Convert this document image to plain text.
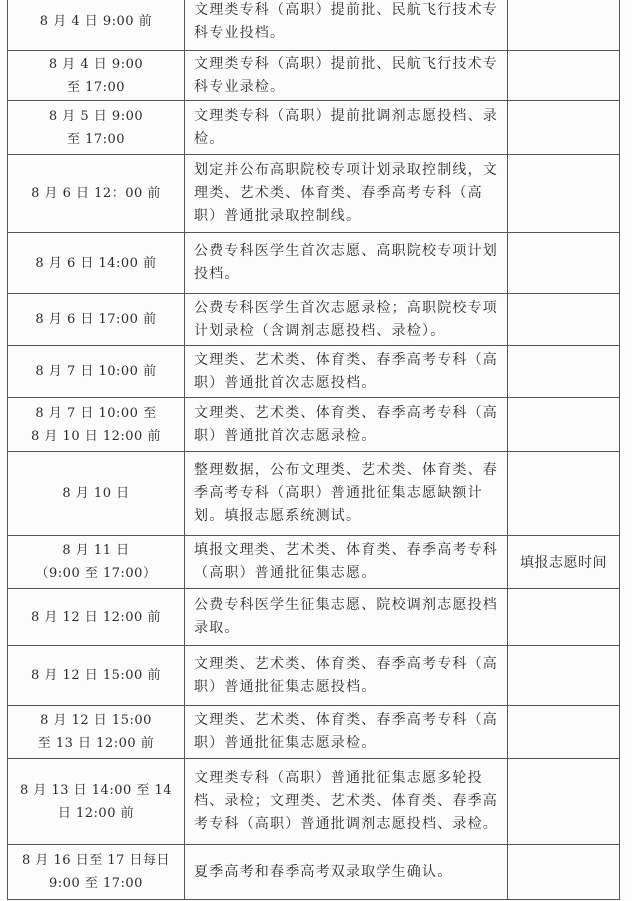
8 月 4 日 9:00 前	文理类专科（高职）提前批、民航飞行技术专科专业投档。	

8 月 4 日 9:00
至 17:00	文理类专科（高职）提前批、民航飞行技术专科专业录检。	

8 月 5 日 9:00
至 17:00	文理类专科（高职）提前批调剂志愿投档、录检。	

8 月 6 日 12：00 前	划定并公布高职院校专项计划录取控制线，文理类、艺术类、体育类、春季高考专科（高职）普通批录取控制线。	

8 月 6 日 14:00 前	公费专科医学生首次志愿、高职院校专项计划投档。	

8 月 6 日 17:00 前	公费专科医学生首次志愿录检；高职院校专项计划录检（含调剂志愿投档、录检）。	

8 月 7 日 10:00 前	文理类、艺术类、体育类、春季高考专科（高职）普通批首次志愿投档。	

8 月 7 日 10:00 至
8 月 10 日 12:00 前	文理类、艺术类、体育类、春季高考专科（高职）普通批首次志愿录检。	

8 月 10 日	整理数据，公布文理类、艺术类、体育类、春季高考专科（高职）普通批征集志愿缺额计划。填报志愿系统测试。	

8 月 11 日
（9:00 至 17:00）	填报文理类、艺术类、体育类、春季高考专科（高职）普通批征集志愿。	填报志愿时间

8 月 12 日 12:00 前	公费专科医学生征集志愿、院校调剂志愿投档录取。	

8 月 12 日 15:00 前	文理类、艺术类、体育类、春季高考专科（高职）普通批征集志愿投档。	

8 月 12 日 15:00
至 13 日 12:00 前	文理类、艺术类、体育类、春季高考专科（高职）普通批征集志愿录检。	

8 月 13 日 14:00 至 14
日 12:00 前	文理类专科（高职）普通批征集志愿多轮投档、录检；文理类、艺术类、体育类、春季高考专科（高职）普通批调剂志愿投档、录检。	

8 月 16 日至 17 日每日
9:00 至 17:00	夏季高考和春季高考双录取学生确认。	
